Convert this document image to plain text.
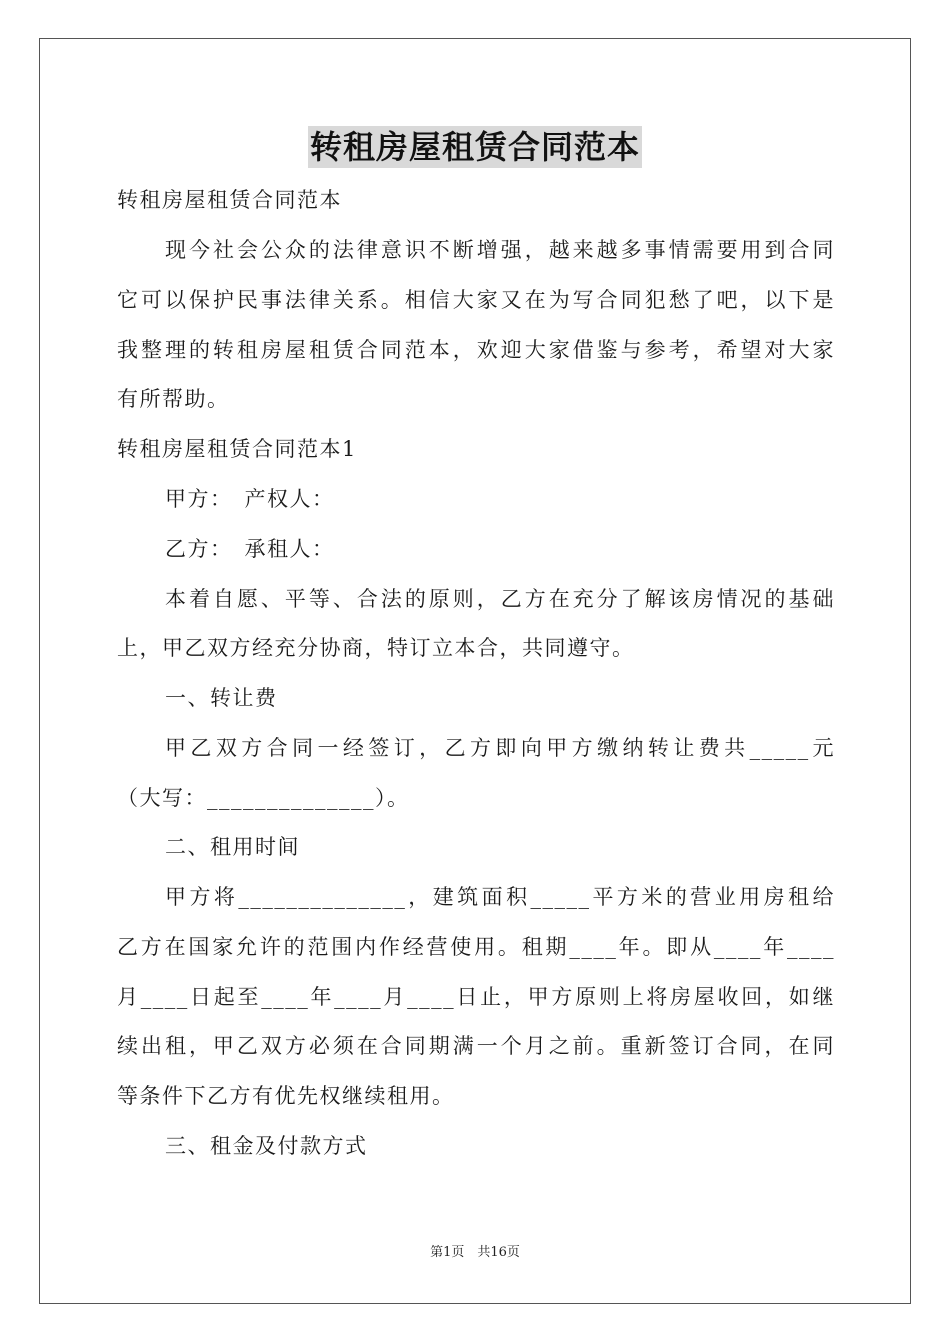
转租房屋租赁合同范本
转租房屋租赁合同范本
现今社会公众的法律意识不断增强，越来越多事情需要用到合同
它可以保护民事法律关系。相信大家又在为写合同犯愁了吧，以下是
我整理的转租房屋租赁合同范本，欢迎大家借鉴与参考，希望对大家
有所帮助。
转租房屋租赁合同范本1
甲方：　产权人：
乙方：　承租人：
本着自愿、平等、合法的原则，乙方在充分了解该房情况的基础
上，甲乙双方经充分协商，特订立本合，共同遵守。
一、转让费
甲乙双方合同一经签订，乙方即向甲方缴纳转让费共_____元
（大写：______________）。
二、租用时间
甲方将______________，建筑面积_____平方米的营业用房租给
乙方在国家允许的范围内作经营使用。租期____年。即从____年____
月____日起至____年____月____日止，甲方原则上将房屋收回，如继
续出租，甲乙双方必须在合同期满一个月之前。重新签订合同，在同
等条件下乙方有优先权继续租用。
三、租金及付款方式
第1页　共16页
